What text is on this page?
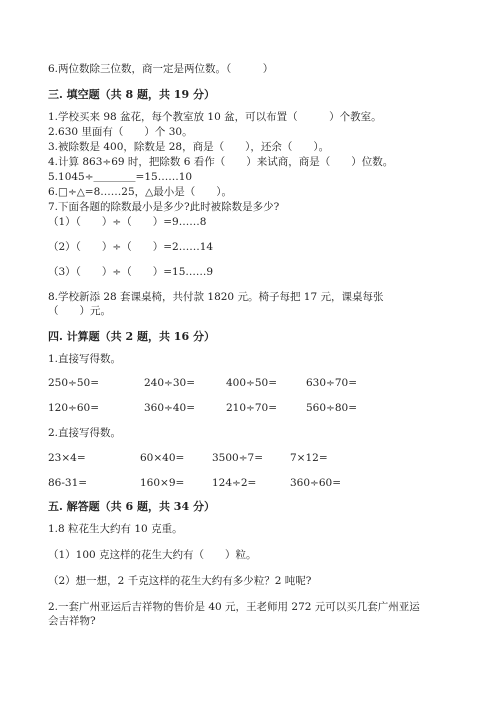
6.两位数除三位数，商一定是两位数。（　　　）
三. 填空题（共 8 题，共 19 分）
1.学校买来 98 盆花，每个教室放 10 盆，可以布置（　　　）个教室。
2.630 里面有（　　）个 30。
3.被除数是 400，除数是 28，商是（　　），还余（　　）。
4.计算 863÷69 时，把除数 6 看作（　　）来试商，商是（　　）位数。
5.1045÷＿＿＿＿=15……10
6.□÷△=8……25，△最小是（　　）。
7.下面各题的除数最小是多少?此时被除数是多少?
（1）（　　）÷（　　）=9……8
（2）（　　）÷（　　）=2……14
（3）（　　）÷（　　）=15……9
8.学校新添 28 套课桌椅，共付款 1820 元。椅子每把 17 元，课桌每张
（　　）元。
四. 计算题（共 2 题，共 16 分）
1.直接写得数。
250÷50=	240÷30=	400÷50=	630÷70=
120÷60=	360÷40=	210÷70=	560÷80=
2.直接写得数。
23×4=	60×40=	3500÷7=	7×12=
86-31=	160×9=	124÷2=	360÷60=
五. 解答题（共 6 题，共 34 分）
1.8 粒花生大约有 10 克重。
（1）100 克这样的花生大约有（　　）粒。
（2）想一想，2 千克这样的花生大约有多少粒？2 吨呢?
2.一套广州亚运后吉祥物的售价是 40 元，王老师用 272 元可以买几套广州亚运
会吉祥物?
